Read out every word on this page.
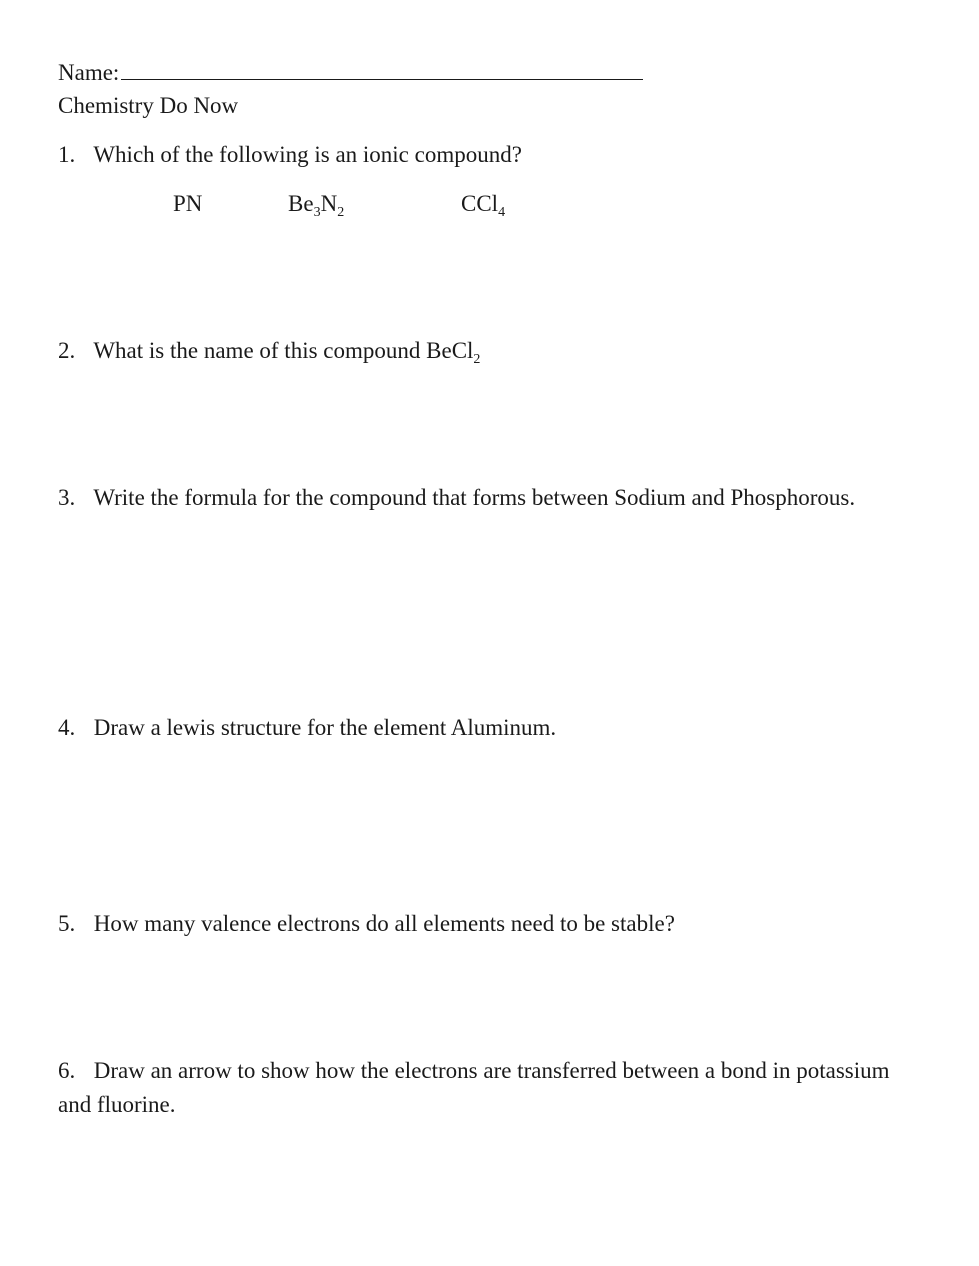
Name:
Chemistry Do Now
1. Which of the following is an ionic compound?
PN	$Be_3N_2$	CCl$_4$
2. What is the name of this compound BeCl$_2$
3. Write the formula for the compound that forms between Sodium and Phosphorous.
4. Draw a lewis structure for the element Aluminum.
5. How many valence electrons do all elements need to be stable?
6. Draw an arrow to show how the electrons are transferred between a bond in potassium and fluorine.
